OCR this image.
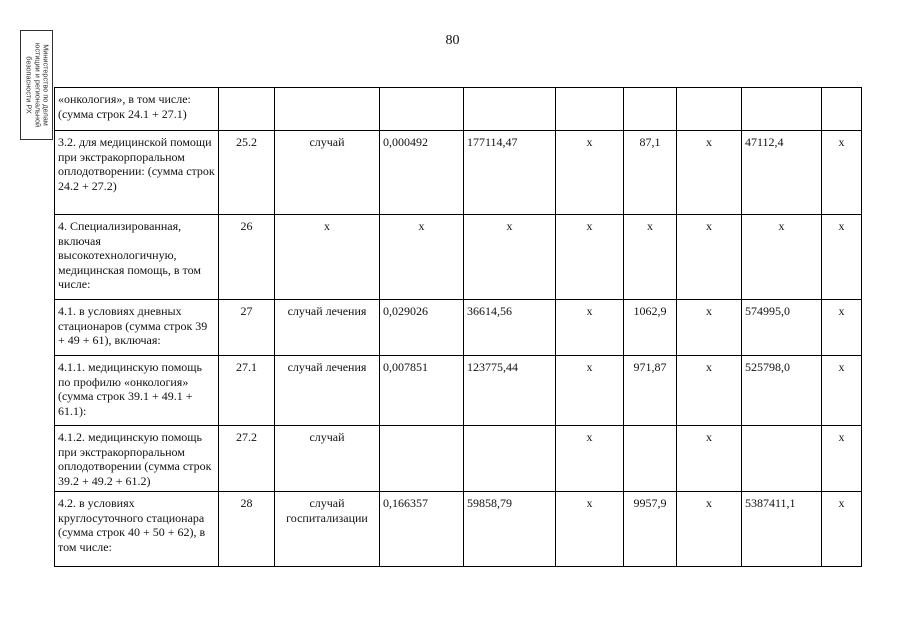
80
Министерство по делам
юстиции и региональной
безопасности РХ «онкология», в том числе: (сумма строк 24.1 + 27.1)									
3.2. для медицинской помощи при экстракорпоральном оплодотворении: (сумма строк 24.2 + 27.2)	25.2	случай	0,000492	177114,47	x	87,1	x	47112,4	x
4. Специализированная, включая высокотехнологичную, медицинская помощь, в том числе:	26	x	x	x	x	x	x	x	x
4.1. в условиях дневных стационаров (сумма строк 39 + 49 + 61), включая:	27	случай лечения	0,029026	36614,56	x	1062,9	x	574995,0	x
4.1.1. медицинскую помощь по профилю «онкология» (сумма строк 39.1 + 49.1 + 61.1):	27.1	случай лечения	0,007851	123775,44	x	971,87	x	525798,0	x
4.1.2. медицинскую помощь при экстракорпоральном оплодотворении (сумма строк 39.2 + 49.2 + 61.2)	27.2	случай			x		x		x
4.2. в условиях круглосуточного стационара (сумма строк 40 + 50 + 62), в том числе:	28	случай госпитализации	0,166357	59858,79	x	9957,9	x	5387411,1	x
